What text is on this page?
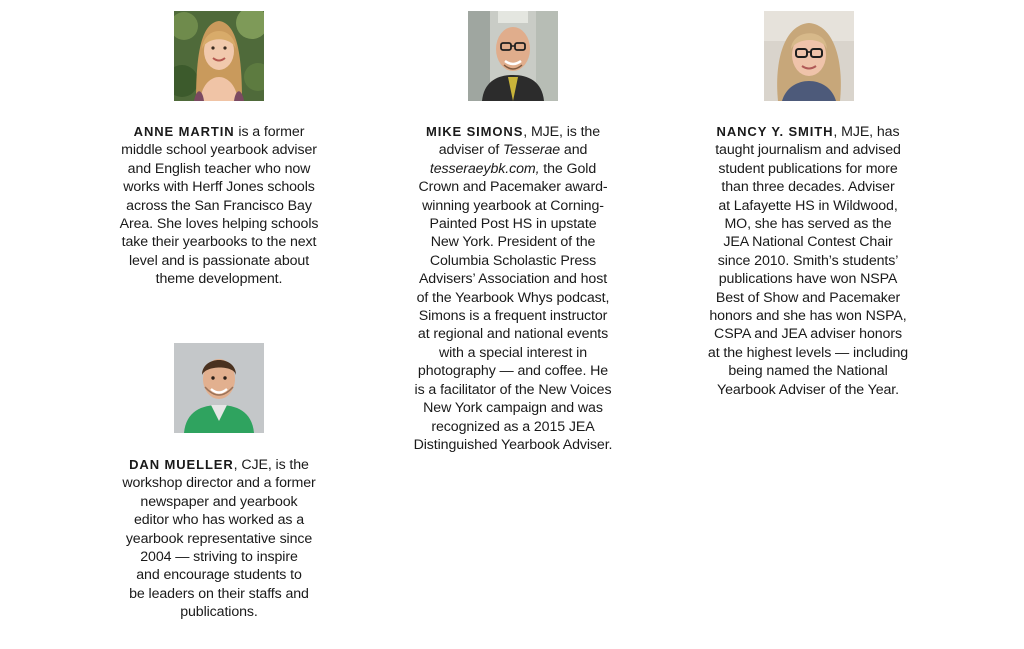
ANNE MARTIN is a former
middle school yearbook adviser
and English teacher who now
works with Herff Jones schools
across the San Francisco Bay
Area. She loves helping schools
take their yearbooks to the next
level and is passionate about
theme development.
MIKE SIMONS, MJE, is the
adviser of Tesserae and
tesseraeybk.com, the Gold
Crown and Pacemaker award-
winning yearbook at Corning-
Painted Post HS in upstate
New York. President of the
Columbia Scholastic Press
Advisers’ Association and host
of the Yearbook Whys podcast,
Simons is a frequent instructor
at regional and national events
with a special interest in
photography — and coffee. He
is a facilitator of the New Voices
New York campaign and was
recognized as a 2015 JEA
Distinguished Yearbook Adviser.
NANCY Y. SMITH, MJE, has
taught journalism and advised
student publications for more
than three decades. Adviser
at Lafayette HS in Wildwood,
MO, she has served as the
JEA National Contest Chair
since 2010. Smith’s students’
publications have won NSPA
Best of Show and Pacemaker
honors and she has won NSPA,
CSPA and JEA adviser honors
at the highest levels — including
being named the National
Yearbook Adviser of the Year.
DAN MUELLER, CJE, is the
workshop director and a former
newspaper and yearbook
editor who has worked as a
yearbook representative since
2004 — striving to inspire
and encourage students to
be leaders on their staffs and
publications.
